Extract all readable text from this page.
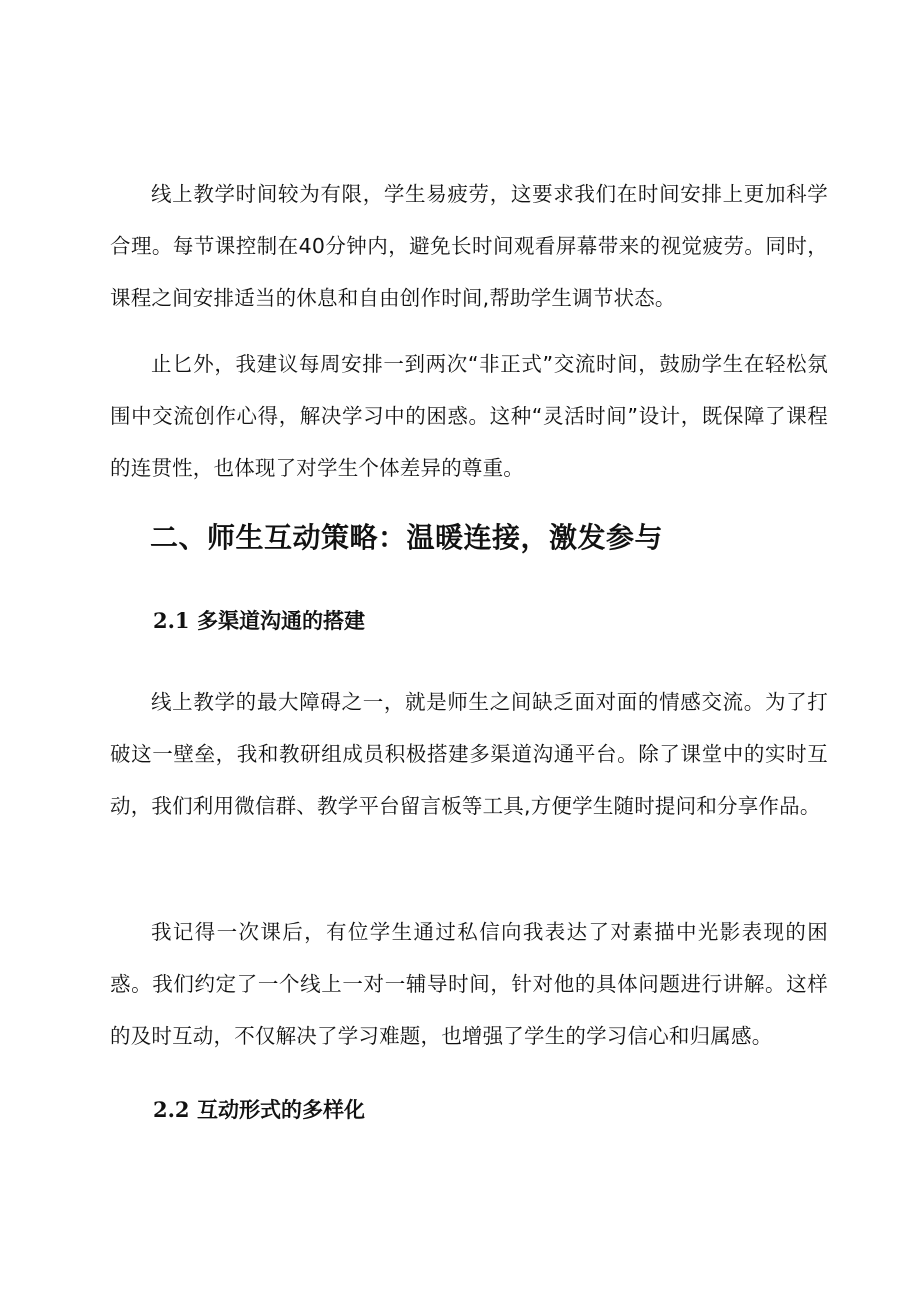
线上教学时间较为有限，学生易疲劳，这要求我们在时间安排上更加科学合理。每节课控制在40分钟内，避免长时间观看屏幕带来的视觉疲劳。同时，课程之间安排适当的休息和自由创作时间,帮助学生调节状态。

止匕外，我建议每周安排一到两次“非正式”交流时间，鼓励学生在轻松氛围中交流创作心得，解决学习中的困惑。这种“灵活时间”设计，既保障了课程的连贯性，也体现了对学生个体差异的尊重。

二、师生互动策略：温暖连接，激发参与
2.1 多渠道沟通的搭建

线上教学的最大障碍之一，就是师生之间缺乏面对面的情感交流。为了打破这一壁垒，我和教研组成员积极搭建多渠道沟通平台。除了课堂中的实时互动，我们利用微信群、教学平台留言板等工具,方便学生随时提问和分享作品。

我记得一次课后，有位学生通过私信向我表达了对素描中光影表现的困惑。我们约定了一个线上一对一辅导时间，针对他的具体问题进行讲解。这样的及时互动，不仅解决了学习难题，也增强了学生的学习信心和归属感。

2.2 互动形式的多样化
